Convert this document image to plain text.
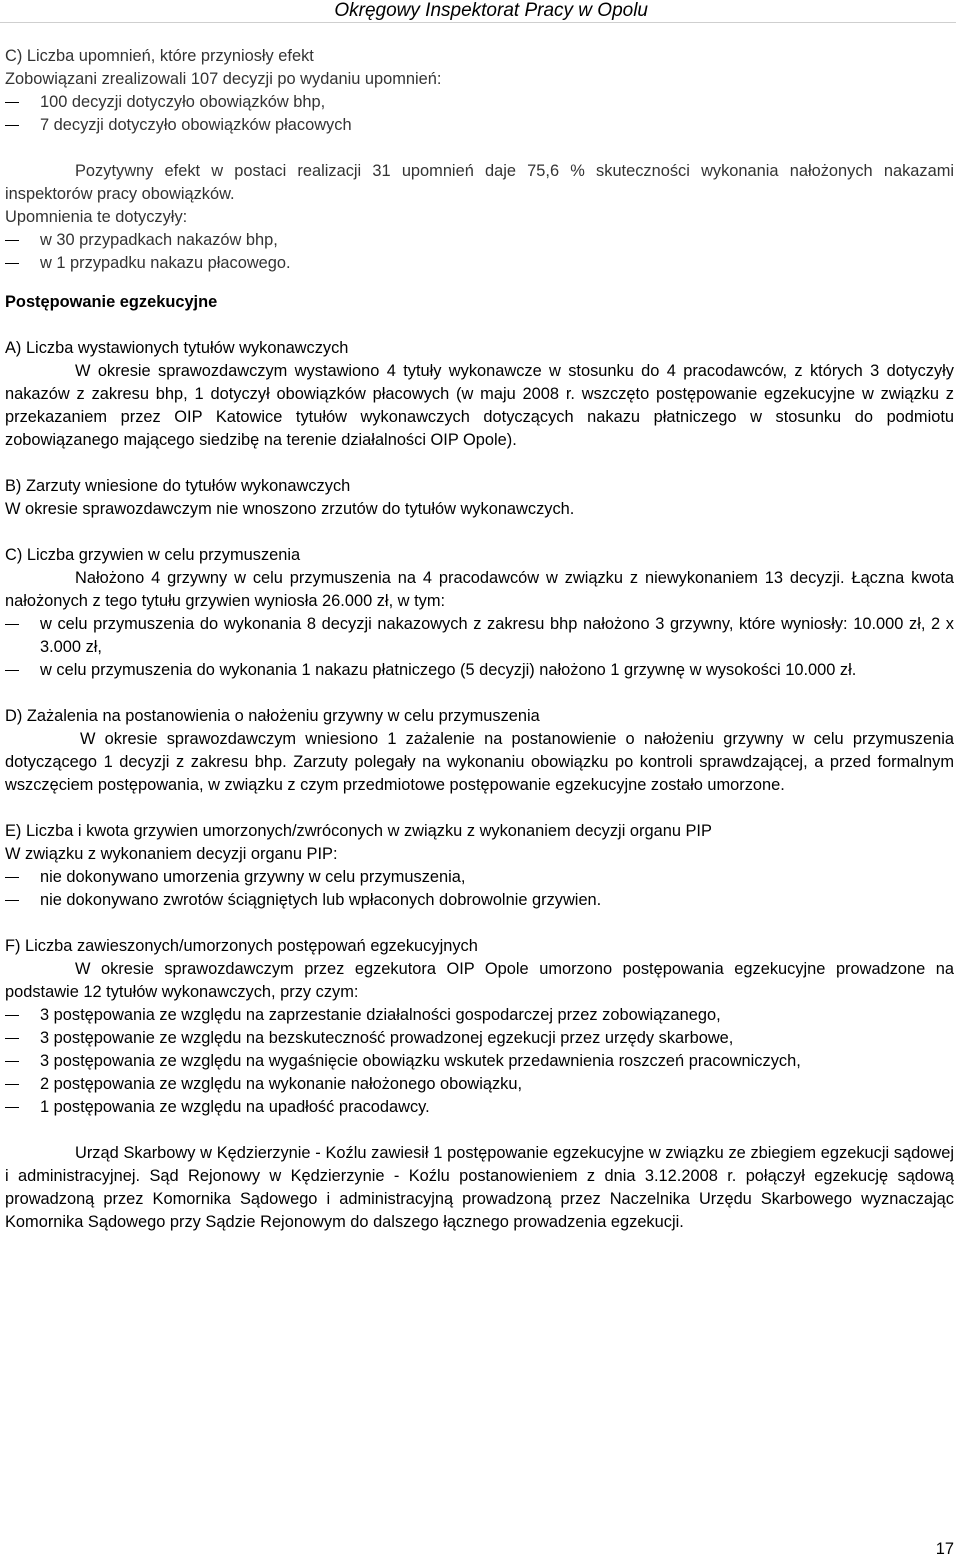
Okręgowy Inspektorat Pracy w Opolu

C) Liczba upomnień, które przyniosły efekt

Zobowiązani zrealizowali 107 decyzji po wydaniu upomnień:

100 decyzji dotyczyło obowiązków bhp,
7 decyzji dotyczyło obowiązków płacowych

Pozytywny efekt w postaci realizacji 31 upomnień daje 75,6 % skuteczności wykonania nałożonych nakazami inspektorów pracy obowiązków.

Upomnienia te dotyczyły:

w 30 przypadkach nakazów bhp,
w 1 przypadku nakazu płacowego.

Postępowanie egzekucyjne

A) Liczba wystawionych tytułów wykonawczych

W okresie sprawozdawczym wystawiono 4 tytuły wykonawcze w stosunku do 4 pracodawców, z których 3 dotyczyły nakazów z zakresu bhp, 1 dotyczył obowiązków płacowych (w maju 2008 r. wszczęto postępowanie egzekucyjne w związku z przekazaniem przez OIP Katowice tytułów wykonawczych dotyczących nakazu płatniczego w stosunku do podmiotu zobowiązanego mającego siedzibę na terenie działalności OIP Opole).

B) Zarzuty wniesione do tytułów wykonawczych

W okresie sprawozdawczym nie wnoszono zrzutów do tytułów wykonawczych.

C) Liczba grzywien w celu przymuszenia

Nałożono 4 grzywny w celu przymuszenia na 4 pracodawców w związku z niewykonaniem 13 decyzji. Łączna kwota nałożonych z tego tytułu grzywien wyniosła 26.000 zł, w tym:

w celu przymuszenia do wykonania 8 decyzji nakazowych z zakresu bhp nałożono 3 grzywny, które wyniosły: 10.000 zł, 2 x 3.000 zł,
w celu przymuszenia do wykonania 1 nakazu płatniczego (5 decyzji) nałożono 1 grzywnę w wysokości 10.000 zł.

D) Zażalenia na postanowienia o nałożeniu grzywny w celu przymuszenia

W okresie sprawozdawczym wniesiono 1 zażalenie na postanowienie o nałożeniu grzywny w celu przymuszenia dotyczącego 1 decyzji z zakresu bhp. Zarzuty polegały na wykonaniu obowiązku po kontroli sprawdzającej, a przed formalnym wszczęciem postępowania, w związku z czym przedmiotowe postępowanie egzekucyjne zostało umorzone.

E) Liczba i kwota grzywien umorzonych/zwróconych w związku z wykonaniem decyzji organu PIP

W związku z wykonaniem decyzji organu PIP:

nie dokonywano umorzenia grzywny w celu przymuszenia,
nie dokonywano zwrotów ściągniętych lub wpłaconych dobrowolnie grzywien.

F) Liczba zawieszonych/umorzonych postępowań egzekucyjnych

W okresie sprawozdawczym przez egzekutora OIP Opole umorzono postępowania egzekucyjne prowadzone na podstawie 12 tytułów wykonawczych, przy czym:

3 postępowania ze względu na zaprzestanie działalności gospodarczej przez zobowiązanego,
3 postępowanie ze względu na bezskuteczność prowadzonej egzekucji przez urzędy skarbowe,
3 postępowania ze względu na wygaśnięcie obowiązku wskutek przedawnienia roszczeń pracowniczych,
2 postępowania ze względu na wykonanie nałożonego obowiązku,
1 postępowania ze względu na upadłość pracodawcy.

Urząd Skarbowy w Kędzierzynie - Koźlu zawiesił 1 postępowanie egzekucyjne w związku ze zbiegiem egzekucji sądowej i administracyjnej. Sąd Rejonowy w Kędzierzynie - Koźlu postanowieniem z dnia 3.12.2008 r. połączył egzekucję sądową prowadzoną przez Komornika Sądowego i administracyjną prowadzoną przez Naczelnika Urzędu Skarbowego wyznaczając Komornika Sądowego przy Sądzie Rejonowym do dalszego łącznego prowadzenia egzekucji.

17
